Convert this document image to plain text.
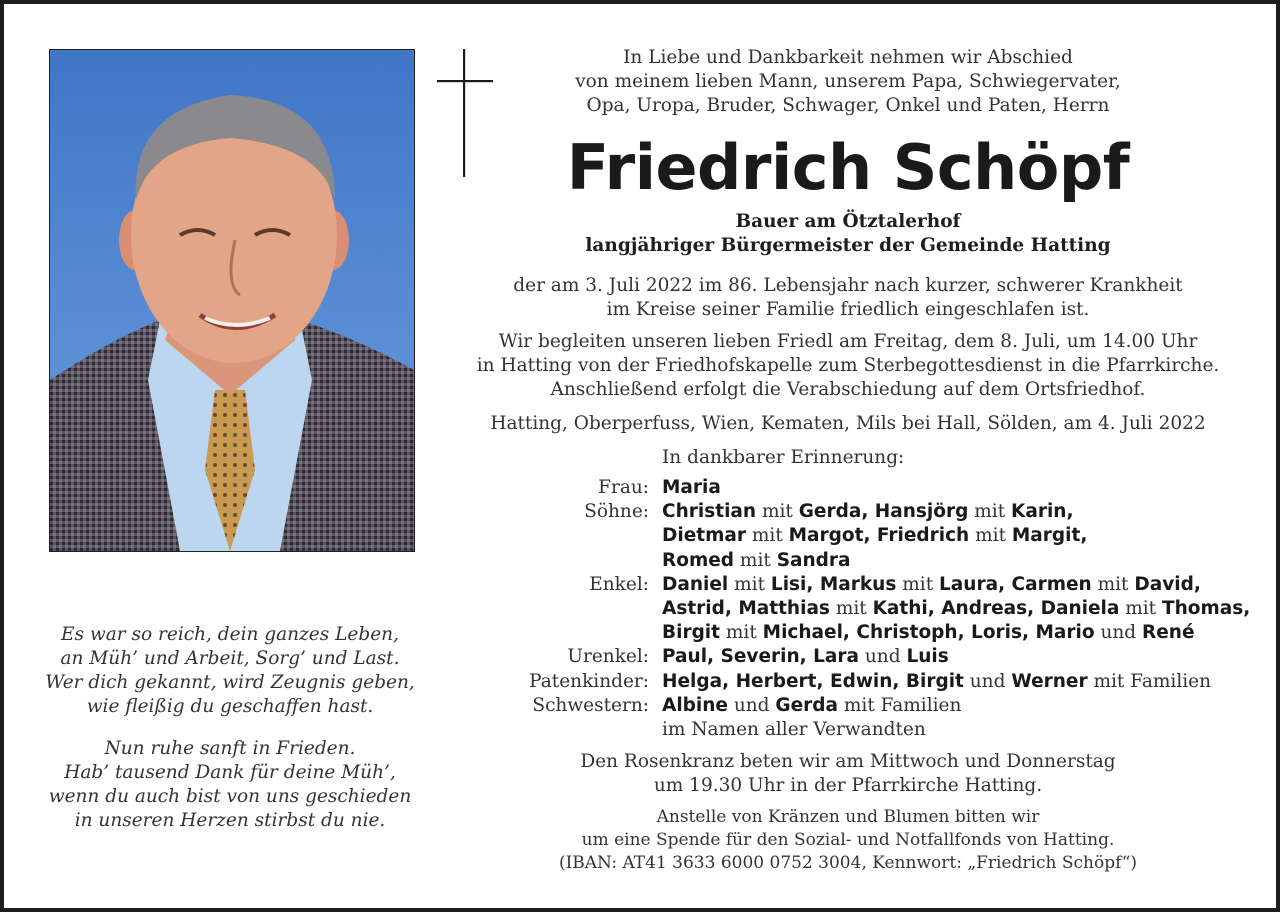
Es war so reich, dein ganzes Leben,
an Müh’ und Arbeit, Sorg’ und Last.
Wer dich gekannt, wird Zeugnis geben,
wie fleißig du geschaffen hast.
Nun ruhe sanft in Frieden.
Hab’ tausend Dank für deine Müh’,
wenn du auch bist von uns geschieden
in unseren Herzen stirbst du nie.
In Liebe und Dankbarkeit nehmen wir Abschied
von meinem lieben Mann, unserem Papa, Schwiegervater,
Opa, Uropa, Bruder, Schwager, Onkel und Paten, Herrn
Friedrich Schöpf
Bauer am Ötztalerhof
langjähriger Bürgermeister der Gemeinde Hatting
der am 3. Juli 2022 im 86. Lebensjahr nach kurzer, schwerer Krankheit
im Kreise seiner Familie friedlich eingeschlafen ist.
Wir begleiten unseren lieben Friedl am Freitag, dem 8. Juli, um 14.00 Uhr
in Hatting von der Friedhofskapelle zum Sterbegottesdienst in die Pfarrkirche.
Anschließend erfolgt die Verabschiedung auf dem Ortsfriedhof.
Hatting, Oberperfuss, Wien, Kematen, Mils bei Hall, Sölden, am 4. Juli 2022
In dankbarer Erinnerung:
Frau: Maria
Söhne: Christian mit Gerda, Hansjörg mit Karin,
Dietmar mit Margot, Friedrich mit Margit,
Romed mit Sandra
Enkel: Daniel mit Lisi, Markus mit Laura, Carmen mit David,
Astrid, Matthias mit Kathi, Andreas, Daniela mit Thomas,
Birgit mit Michael, Christoph, Loris, Mario und René
Urenkel: Paul, Severin, Lara und Luis
Patenkinder: Helga, Herbert, Edwin, Birgit und Werner mit Familien
Schwestern: Albine und Gerda mit Familien
im Namen aller Verwandten
Den Rosenkranz beten wir am Mittwoch und Donnerstag
um 19.30 Uhr in der Pfarrkirche Hatting.
Anstelle von Kränzen und Blumen bitten wir
um eine Spende für den Sozial- und Notfallfonds von Hatting.
(IBAN: AT41 3633 6000 0752 3004, Kennwort: „Friedrich Schöpf“)
